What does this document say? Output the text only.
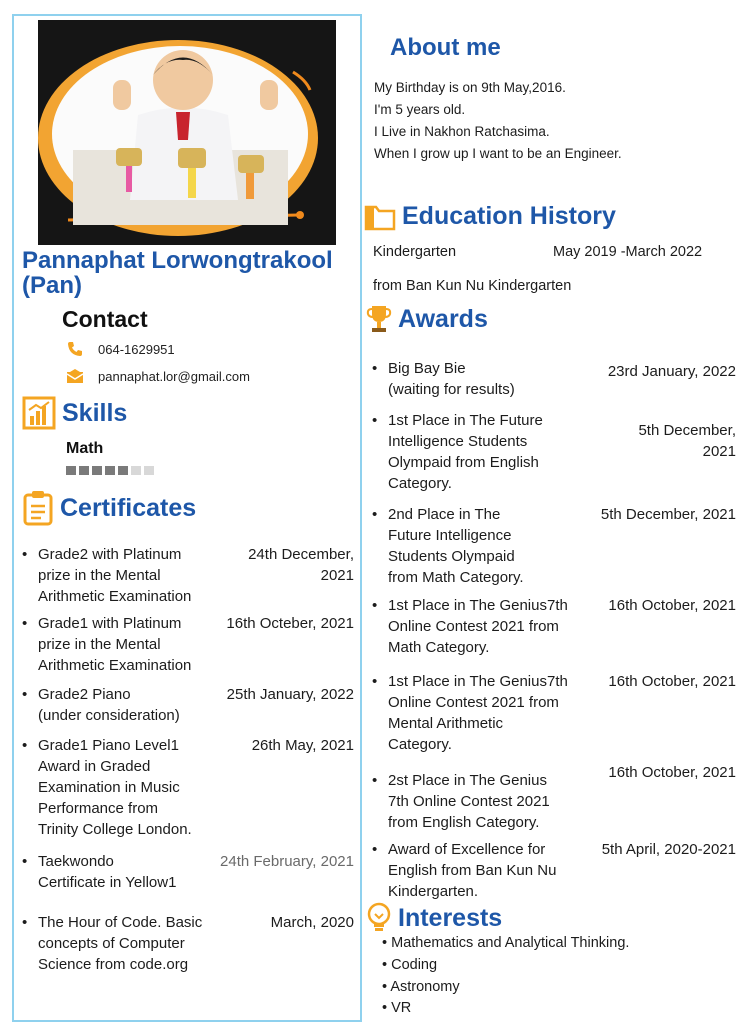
Pannaphat Lorwongtrakool
(Pan)
Contact
064-1629951
pannaphat.lor@gmail.com
Skills
Math
Certificates
• Grade2 with Platinum
prize in the Mental
Arithmetic Examination
24th December,
2021
• Grade1 with Platinum
prize in the Mental
Arithmetic Examination
16th Octeber, 2021
• Grade2 Piano
(under consideration)
25th January, 2022
• Grade1 Piano Level1
Award in Graded
Examination in Music
Performance from
Trinity College London.
26th May, 2021
• Taekwondo
Certificate in Yellow1
24th February, 2021
• The Hour of Code. Basic
concepts of Computer
Science from code.org
March, 2020
About me
My Birthday is on 9th May,2016.
I'm 5 years old.
I Live in Nakhon Ratchasima.
When I grow up I want to be an Engineer.
Education History
Kindergarten	May 2019 -March 2022
from Ban Kun Nu Kindergarten
Awards
• Big Bay Bie
(waiting for results)
23rd January, 2022
• 1st Place in The Future
Intelligence Students
Olympaid from English
Category.
5th December,
2021
• 2nd Place in The
Future Intelligence
Students Olympaid
from Math Category.
5th December, 2021
• 1st Place in The Genius7th
Online Contest 2021 from
Math Category.
16th October, 2021
• 1st Place in The Genius7th
Online Contest 2021 from
Mental Arithmetic
Category.
16th October, 2021
• 2st Place in The Genius
7th Online Contest 2021
from English Category.
16th October, 2021
• Award of Excellence for
English from Ban Kun Nu
Kindergarten.
5th April, 2020-2021
Interests
• Mathematics and Analytical Thinking.
• Coding
• Astronomy
• VR
